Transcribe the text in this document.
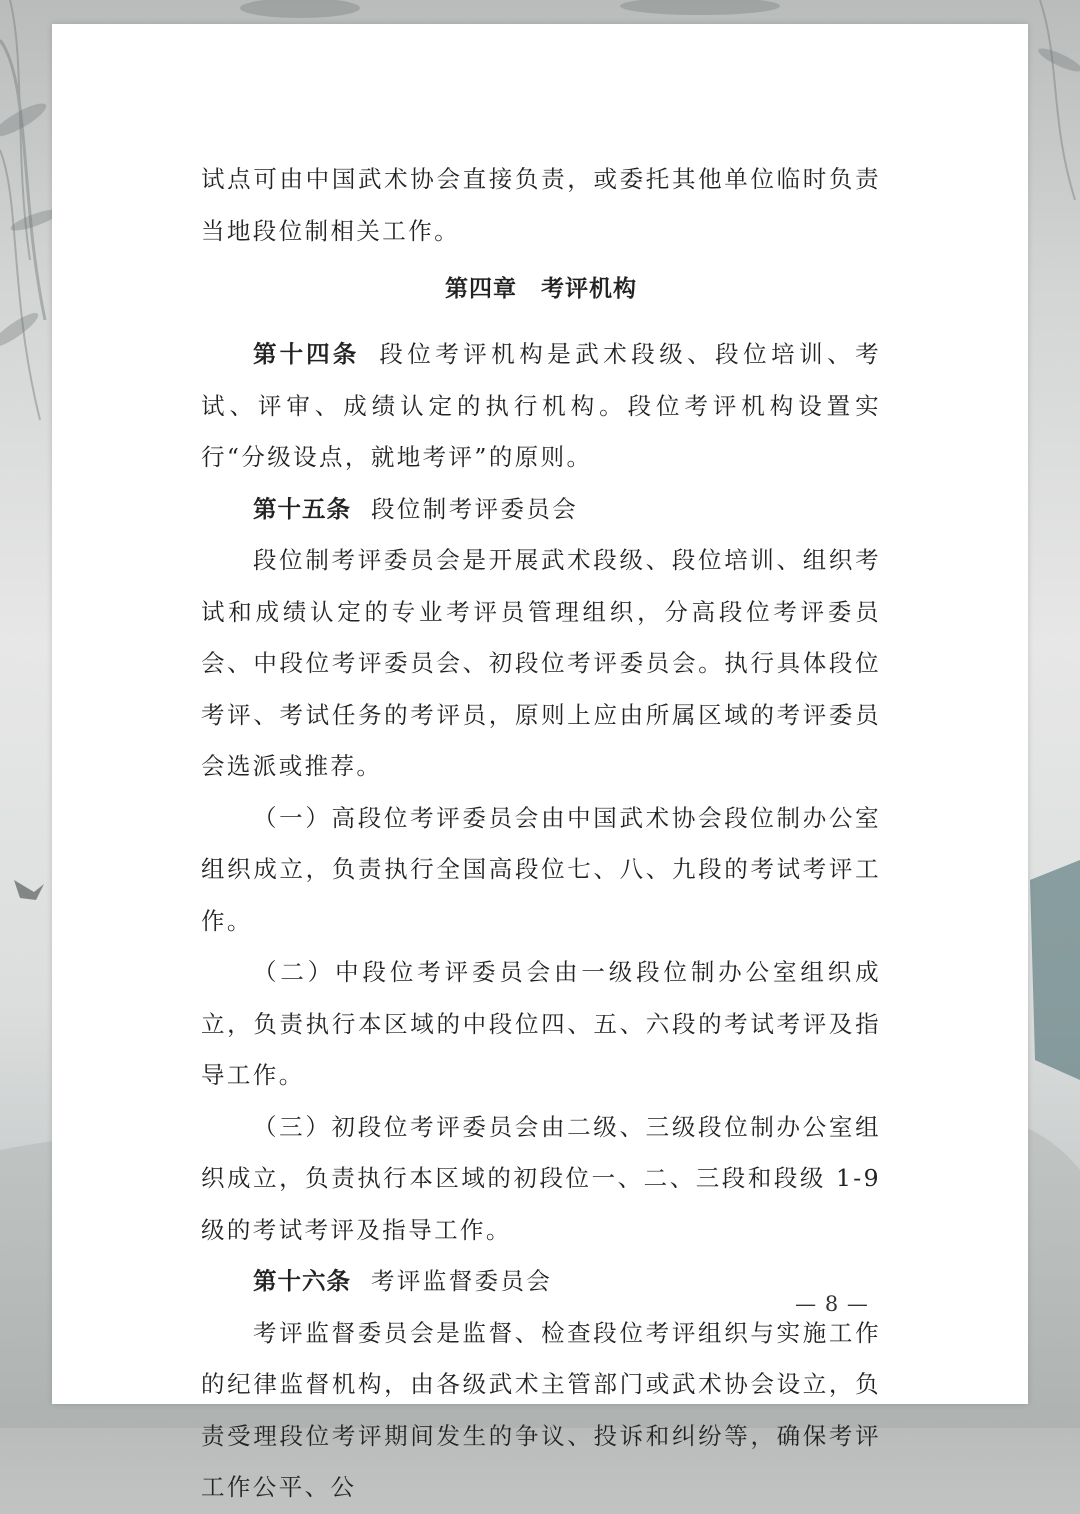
试点可由中国武术协会直接负责，或委托其他单位临时负责当地段位制相关工作。

第四章　考评机构

第十四条 段位考评机构是武术段级、段位培训、考试、评审、成绩认定的执行机构。段位考评机构设置实行“分级设点，就地考评”的原则。

第十五条 段位制考评委员会

段位制考评委员会是开展武术段级、段位培训、组织考试和成绩认定的专业考评员管理组织，分高段位考评委员会、中段位考评委员会、初段位考评委员会。执行具体段位考评、考试任务的考评员，原则上应由所属区域的考评委员会选派或推荐。

（一）高段位考评委员会由中国武术协会段位制办公室组织成立，负责执行全国高段位七、八、九段的考试考评工作。

（二）中段位考评委员会由一级段位制办公室组织成立，负责执行本区域的中段位四、五、六段的考试考评及指导工作。

（三）初段位考评委员会由二级、三级段位制办公室组织成立，负责执行本区域的初段位一、二、三段和段级 1-9 级的考试考评及指导工作。

第十六条 考评监督委员会

考评监督委员会是监督、检查段位考评组织与实施工作的纪律监督机构，由各级武术主管部门或武术协会设立，负责受理段位考评期间发生的争议、投诉和纠纷等，确保考评工作公平、公

— 8 —
